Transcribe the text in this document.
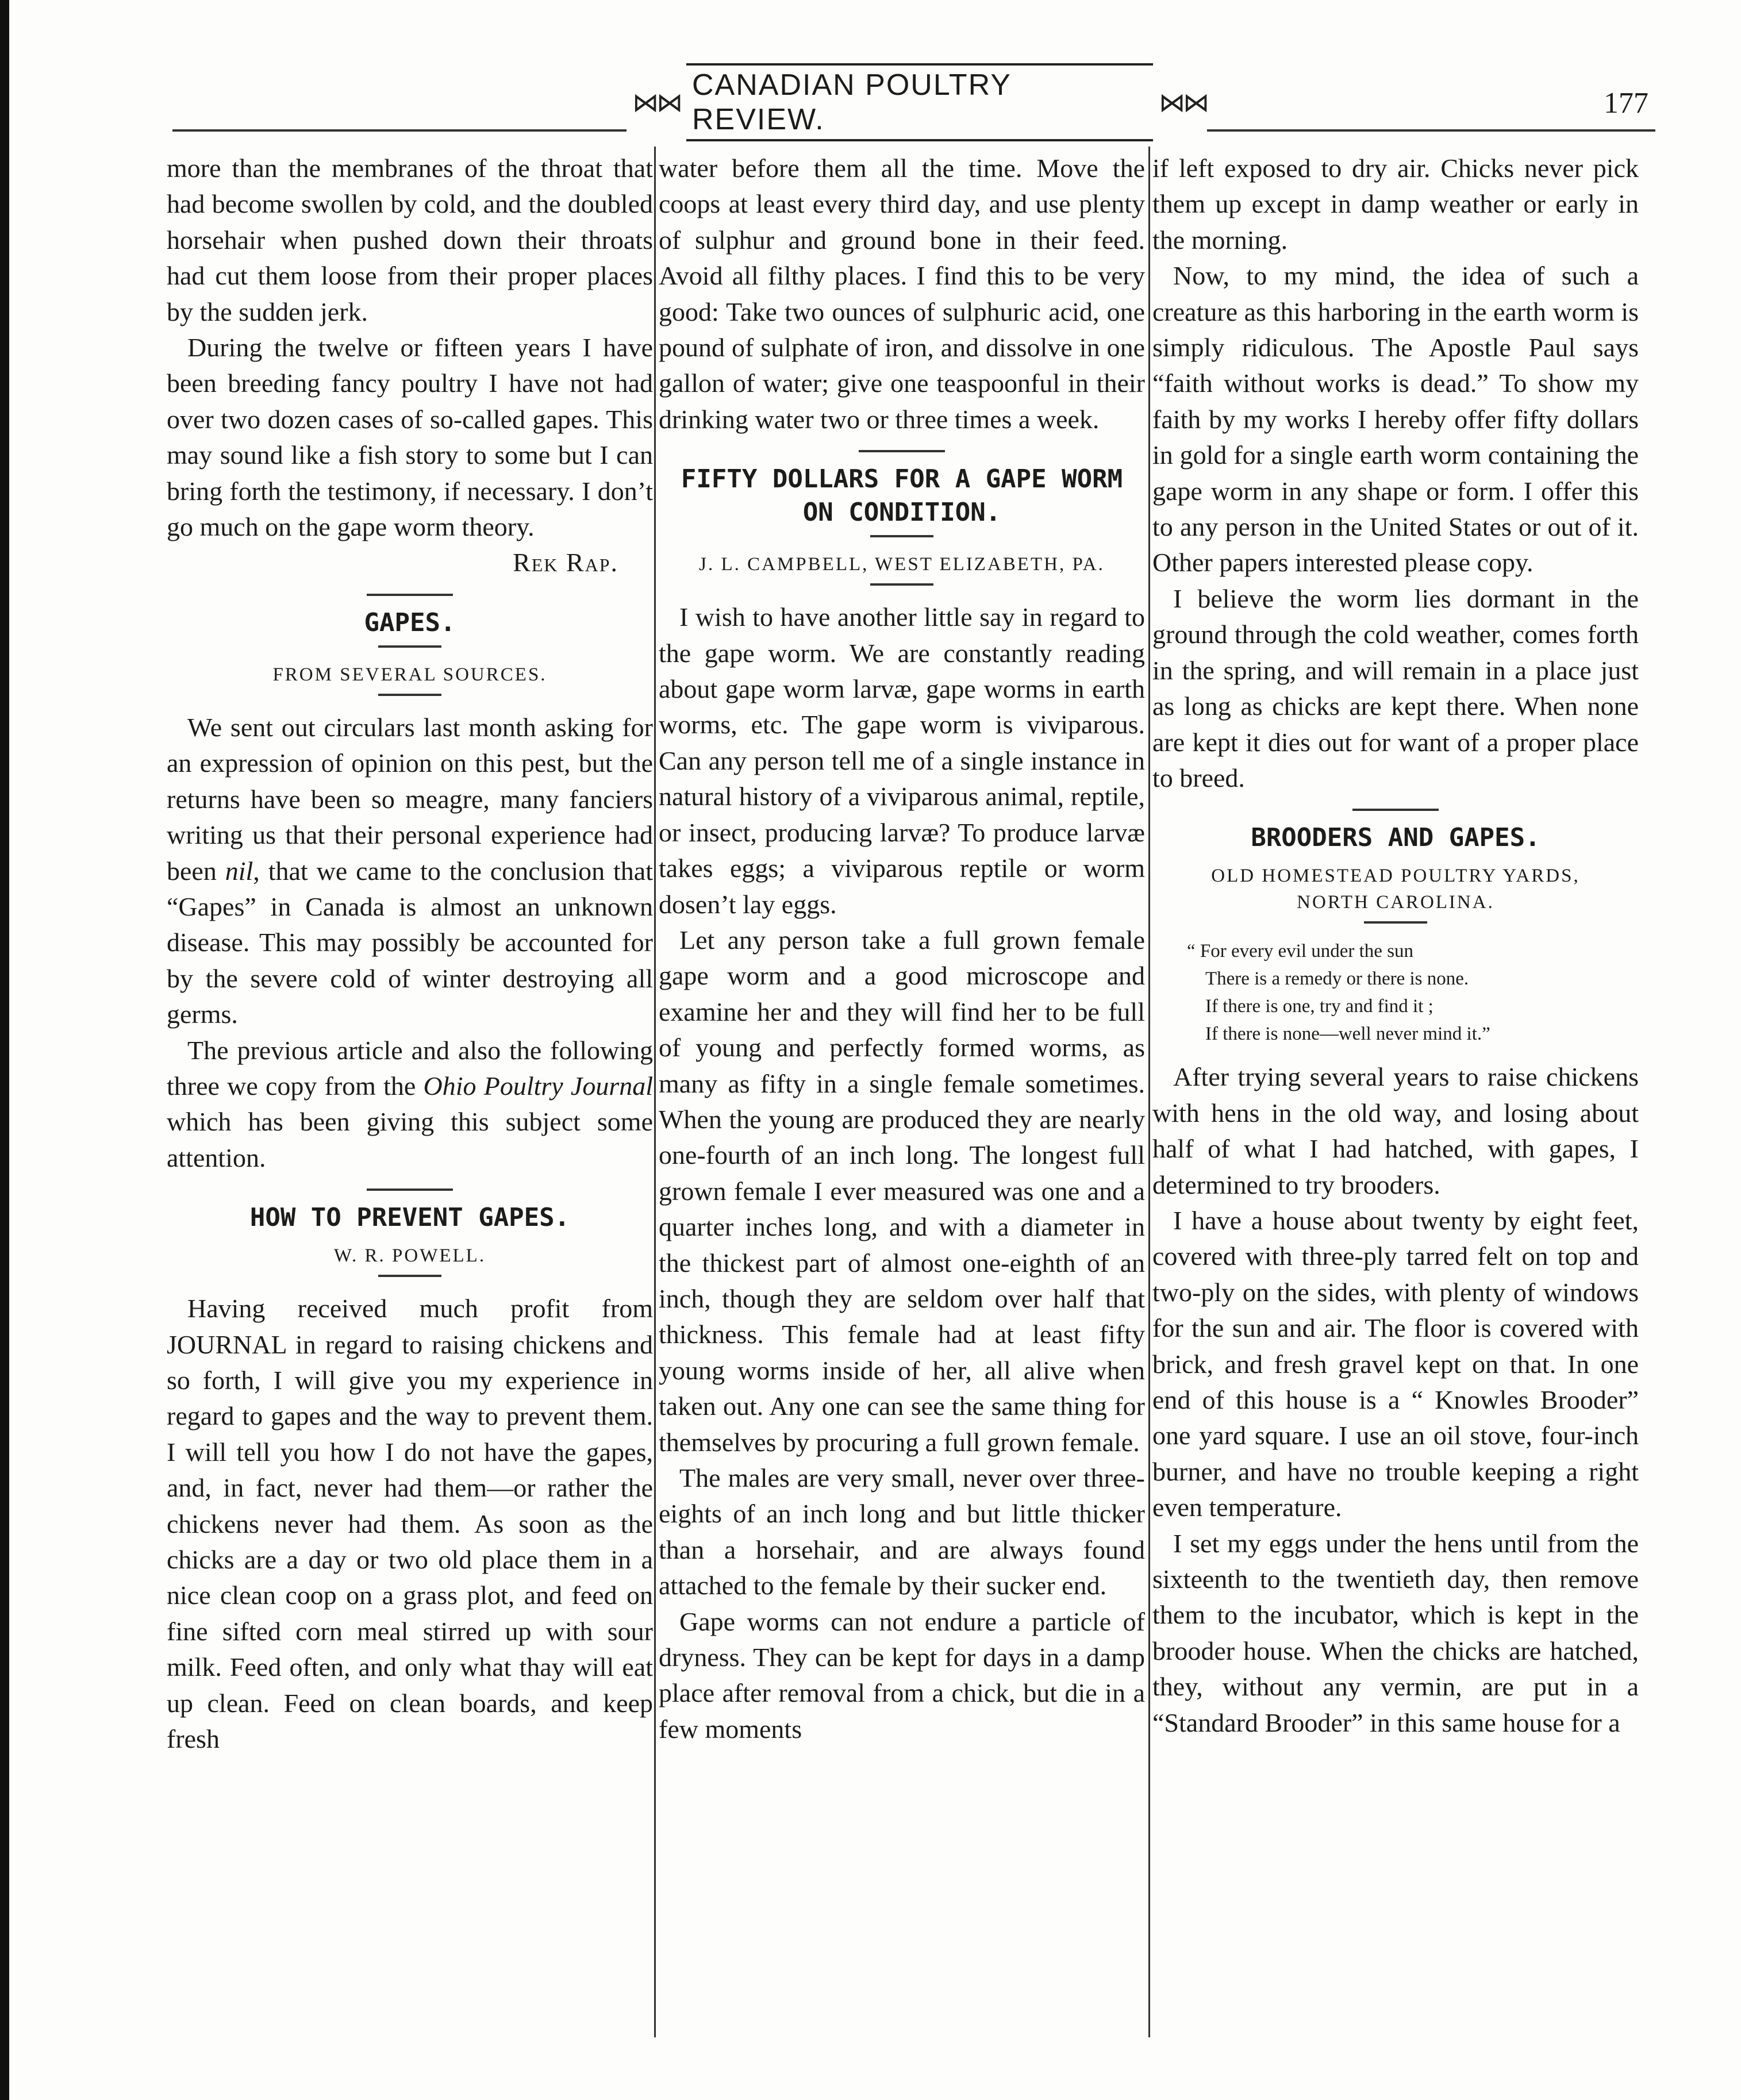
⋈⋈
CANADIAN POULTRY REVIEW.
⋈⋈	177

more than the membranes of the throat that had become swollen by cold, and the doubled horsehair when pushed down their throats had cut them loose from their proper places by the sudden jerk.

During the twelve or fifteen years I have been breeding fancy poultry I have not had over two dozen cases of so-called gapes. This may sound like a fish story to some but I can bring forth the testimony, if necessary. I don’t go much on the gape worm theory.

Rek Rap.

GAPES.
FROM SEVERAL SOURCES.

We sent out circulars last month asking for an expression of opinion on this pest, but the returns have been so meagre, many fanciers writing us that their personal experience had been nil, that we came to the conclusion that “Gapes” in Canada is almost an unknown disease. This may possibly be accounted for by the severe cold of winter destroying all germs.

The previous article and also the following three we copy from the Ohio Poultry Journal which has been giving this subject some attention.

HOW TO PREVENT GAPES.
W. R. POWELL.

Having received much profit from JOURNAL in regard to raising chickens and so forth, I will give you my experience in regard to gapes and the way to prevent them. I will tell you how I do not have the gapes, and, in fact, never had them—or rather the chickens never had them. As soon as the chicks are a day or two old place them in a nice clean coop on a grass plot, and feed on fine sifted corn meal stirred up with sour milk. Feed often, and only what thay will eat up clean. Feed on clean boards, and keep fresh

water before them all the time. Move the coops at least every third day, and use plenty of sulphur and ground bone in their feed. Avoid all filthy places. I find this to be very good: Take two ounces of sulphuric acid, one pound of sulphate of iron, and dissolve in one gallon of water; give one teaspoonful in their drinking water two or three times a week.

FIFTY DOLLARS FOR A GAPE WORM ON CONDITION.
J. L. CAMPBELL, WEST ELIZABETH, PA.

I wish to have another little say in regard to the gape worm. We are constantly reading about gape worm larvæ, gape worms in earth worms, etc. The gape worm is viviparous. Can any person tell me of a single instance in natural history of a viviparous animal, reptile, or insect, producing larvæ? To produce larvæ takes eggs; a viviparous reptile or worm dosen’t lay eggs.

Let any person take a full grown female gape worm and a good microscope and examine her and they will find her to be full of young and perfectly formed worms, as many as fifty in a single female sometimes. When the young are produced they are nearly one-fourth of an inch long. The longest full grown female I ever measured was one and a quarter inches long, and with a diameter in the thickest part of almost one-eighth of an inch, though they are seldom over half that thickness. This female had at least fifty young worms inside of her, all alive when taken out. Any one can see the same thing for themselves by procuring a full grown female.

The males are very small, never over three-eights of an inch long and but little thicker than a horsehair, and are always found attached to the female by their sucker end.

Gape worms can not endure a particle of dryness. They can be kept for days in a damp place after removal from a chick, but die in a few moments

if left exposed to dry air. Chicks never pick them up except in damp weather or early in the morning.

Now, to my mind, the idea of such a creature as this harboring in the earth worm is simply ridiculous. The Apostle Paul says “faith without works is dead.” To show my faith by my works I hereby offer fifty dollars in gold for a single earth worm containing the gape worm in any shape or form. I offer this to any person in the United States or out of it. Other papers interested please copy.

I believe the worm lies dormant in the ground through the cold weather, comes forth in the spring, and will remain in a place just as long as chicks are kept there. When none are kept it dies out for want of a proper place to breed.

BROODERS AND GAPES.
OLD HOMESTEAD POULTRY YARDS,
NORTH CAROLINA.
“ For every evil under the sun
There is a remedy or there is none.
If there is one, try and find it ;
If there is none—well never mind it.”

After trying several years to raise chickens with hens in the old way, and losing about half of what I had hatched, with gapes, I determined to try brooders.

I have a house about twenty by eight feet, covered with three-ply tarred felt on top and two-ply on the sides, with plenty of windows for the sun and air. The floor is covered with brick, and fresh gravel kept on that. In one end of this house is a “ Knowles Brooder” one yard square. I use an oil stove, four-inch burner, and have no trouble keeping a right even temperature.

I set my eggs under the hens until from the sixteenth to the twentieth day, then remove them to the incubator, which is kept in the brooder house. When the chicks are hatched, they, without any vermin, are put in a “Standard Brooder” in this same house for a
